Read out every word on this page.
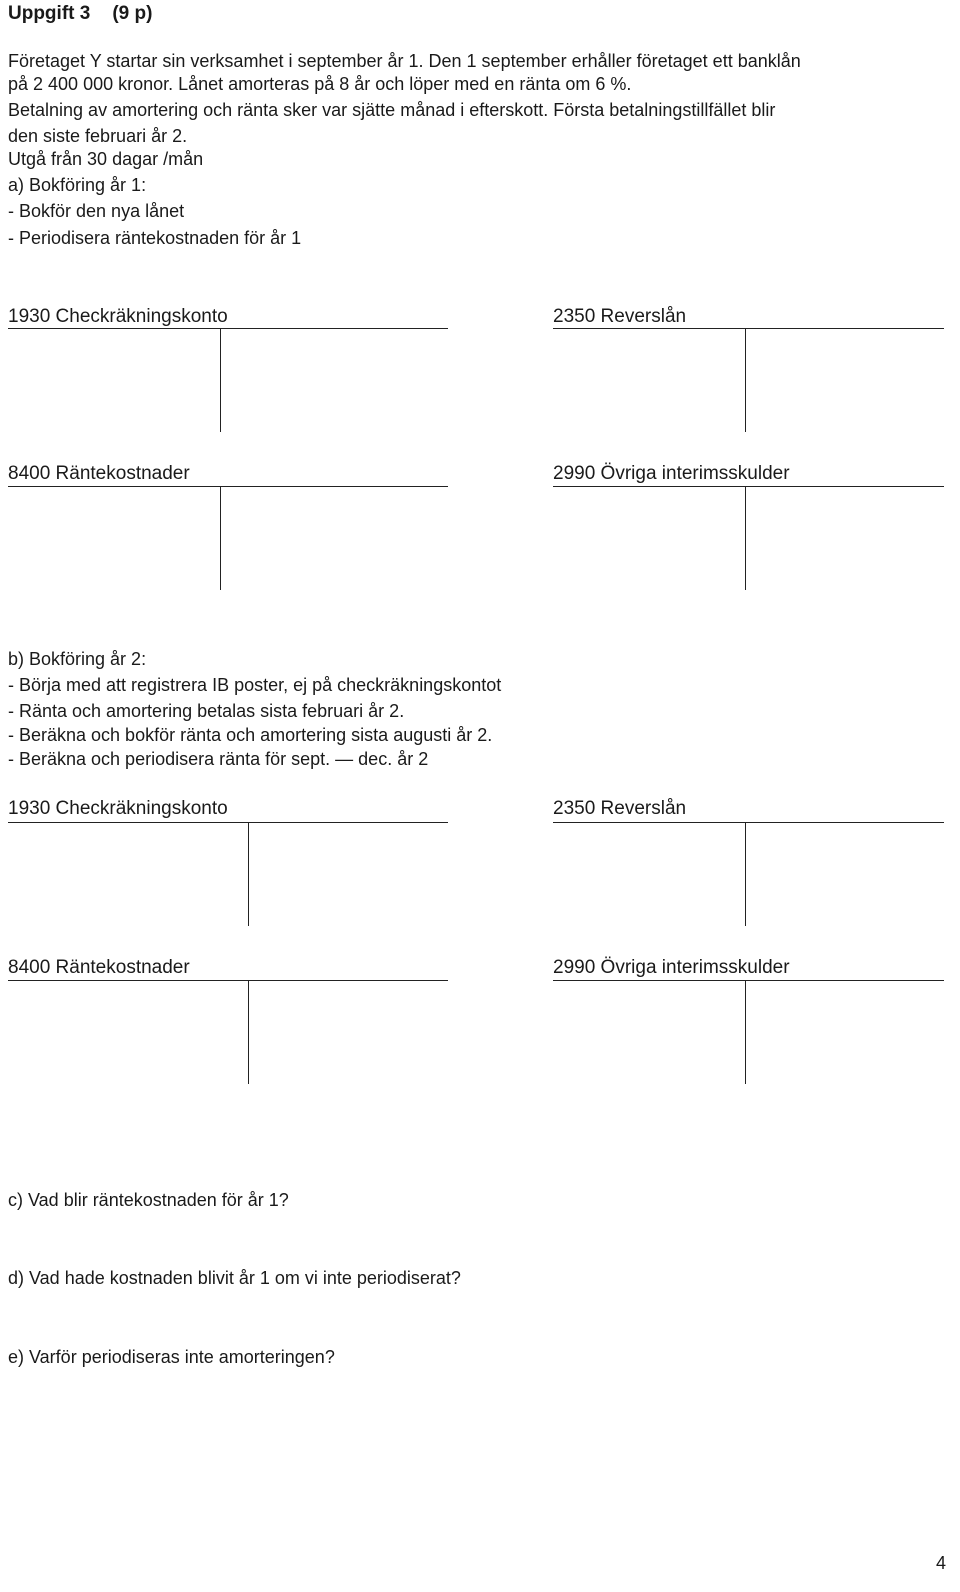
Uppgift 3 (9 p)
Företaget Y startar sin verksamhet i september år 1. Den 1 september erhåller företaget ett banklån
på 2 400 000 kronor. Lånet amorteras på 8 år och löper med en ränta om 6 %.
Betalning av amortering och ränta sker var sjätte månad i efterskott. Första betalningstillfället blir
den siste februari år 2.
Utgå från 30 dagar /mån
a) Bokföring år 1:
- Bokför den nya lånet
- Periodisera räntekostnaden för år 1
1930 Checkräkningskonto	2350 Reverslån
8400 Räntekostnader	2990 Övriga interimsskulder
b) Bokföring år 2:
- Börja med att registrera IB poster, ej på checkräkningskontot
- Ränta och amortering betalas sista februari år 2.
- Beräkna och bokför ränta och amortering sista augusti år 2.
- Beräkna och periodisera ränta för sept. — dec. år 2
1930 Checkräkningskonto	2350 Reverslån
8400 Räntekostnader	2990 Övriga interimsskulder
c) Vad blir räntekostnaden för år 1?
d) Vad hade kostnaden blivit år 1 om vi inte periodiserat?
e) Varför periodiseras inte amorteringen?
4
